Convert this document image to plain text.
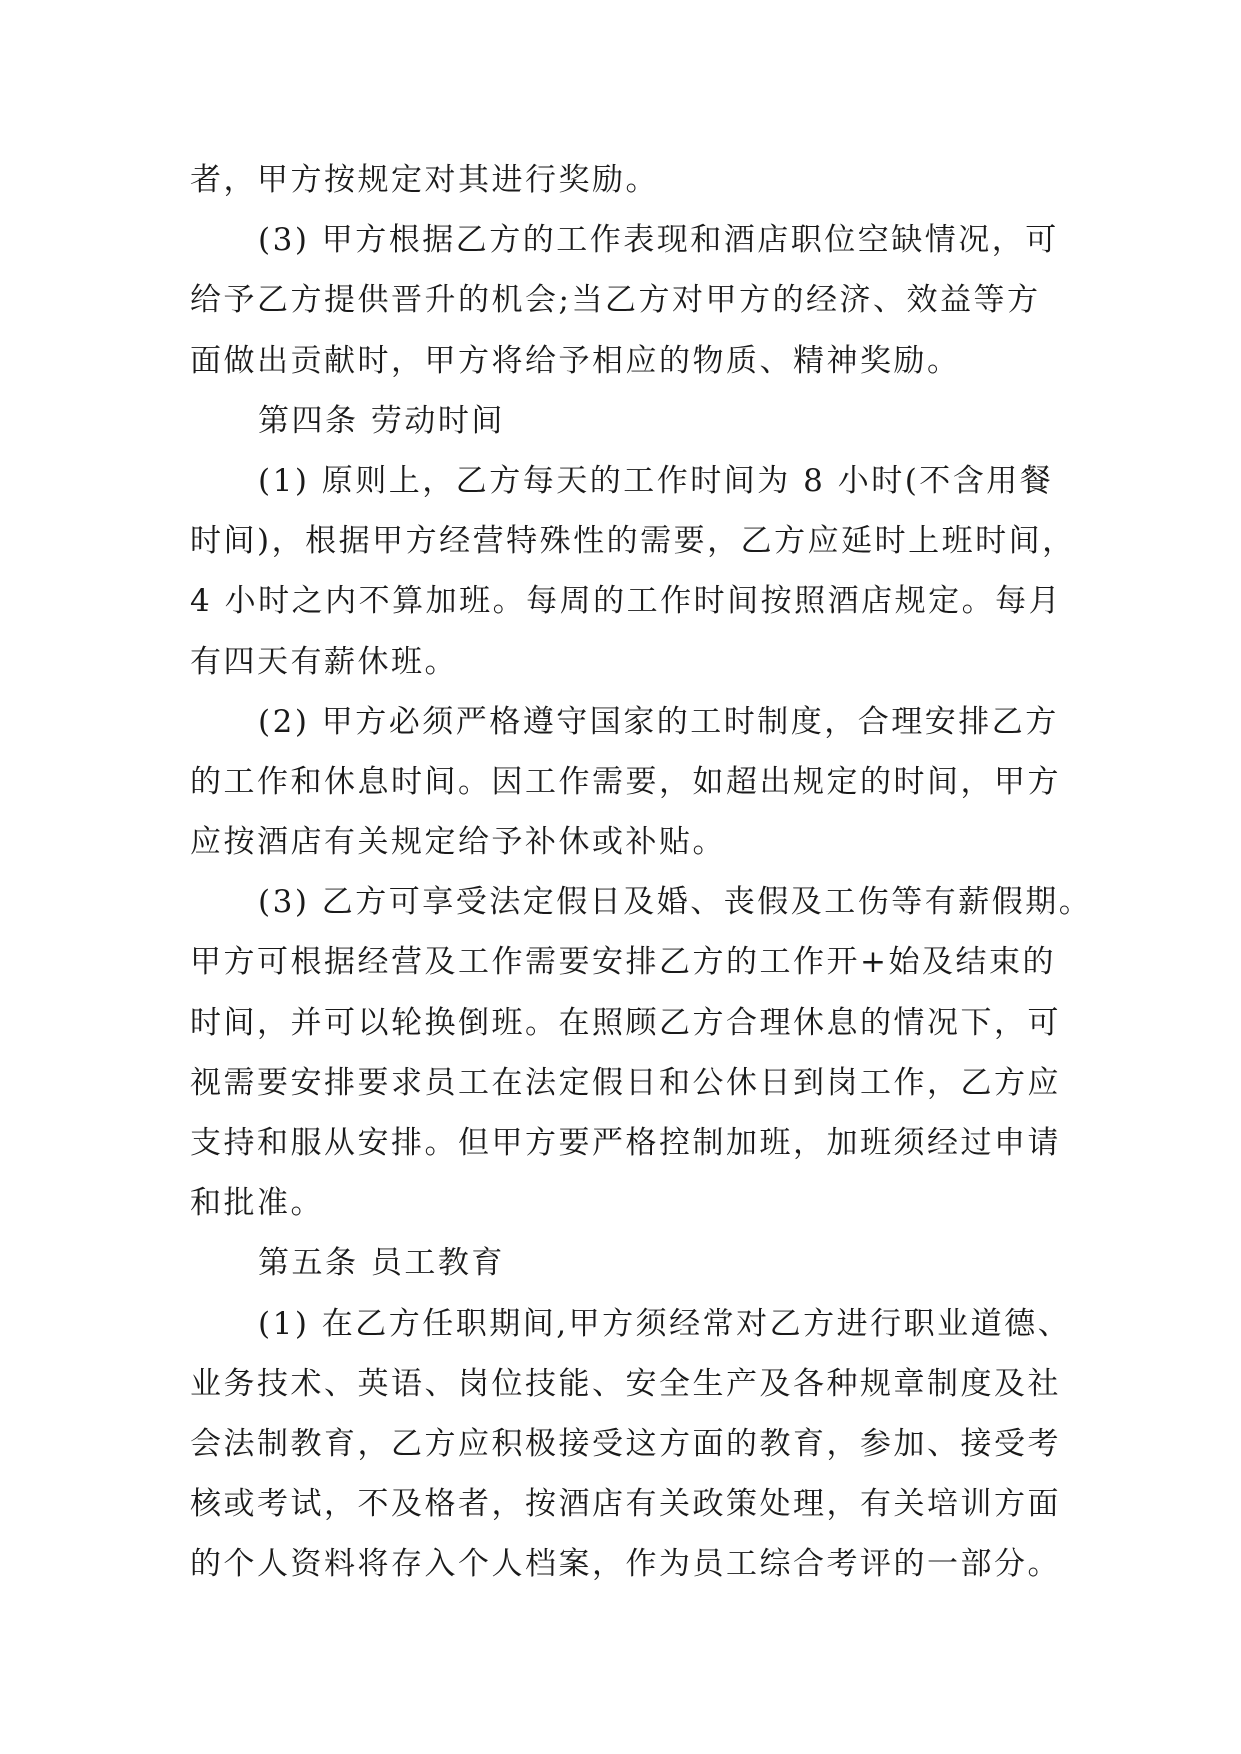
者，甲方按规定对其进行奖励。
(3) 甲方根据乙方的工作表现和酒店职位空缺情况，可
给予乙方提供晋升的机会;当乙方对甲方的经济、效益等方
面做出贡献时，甲方将给予相应的物质、精神奖励。
第四条 劳动时间
(1) 原则上，乙方每天的工作时间为 8 小时(不含用餐
时间)，根据甲方经营特殊性的需要，乙方应延时上班时间，
4 小时之内不算加班。每周的工作时间按照酒店规定。每月
有四天有薪休班。
(2) 甲方必须严格遵守国家的工时制度，合理安排乙方
的工作和休息时间。因工作需要，如超出规定的时间，甲方
应按酒店有关规定给予补休或补贴。
(3) 乙方可享受法定假日及婚、丧假及工伤等有薪假期。
甲方可根据经营及工作需要安排乙方的工作开+始及结束的
时间，并可以轮换倒班。在照顾乙方合理休息的情况下，可
视需要安排要求员工在法定假日和公休日到岗工作，乙方应
支持和服从安排。但甲方要严格控制加班，加班须经过申请
和批准。
第五条 员工教育
(1) 在乙方任职期间,甲方须经常对乙方进行职业道德、
业务技术、英语、岗位技能、安全生产及各种规章制度及社
会法制教育，乙方应积极接受这方面的教育，参加、接受考
核或考试，不及格者，按酒店有关政策处理，有关培训方面
的个人资料将存入个人档案，作为员工综合考评的一部分。
